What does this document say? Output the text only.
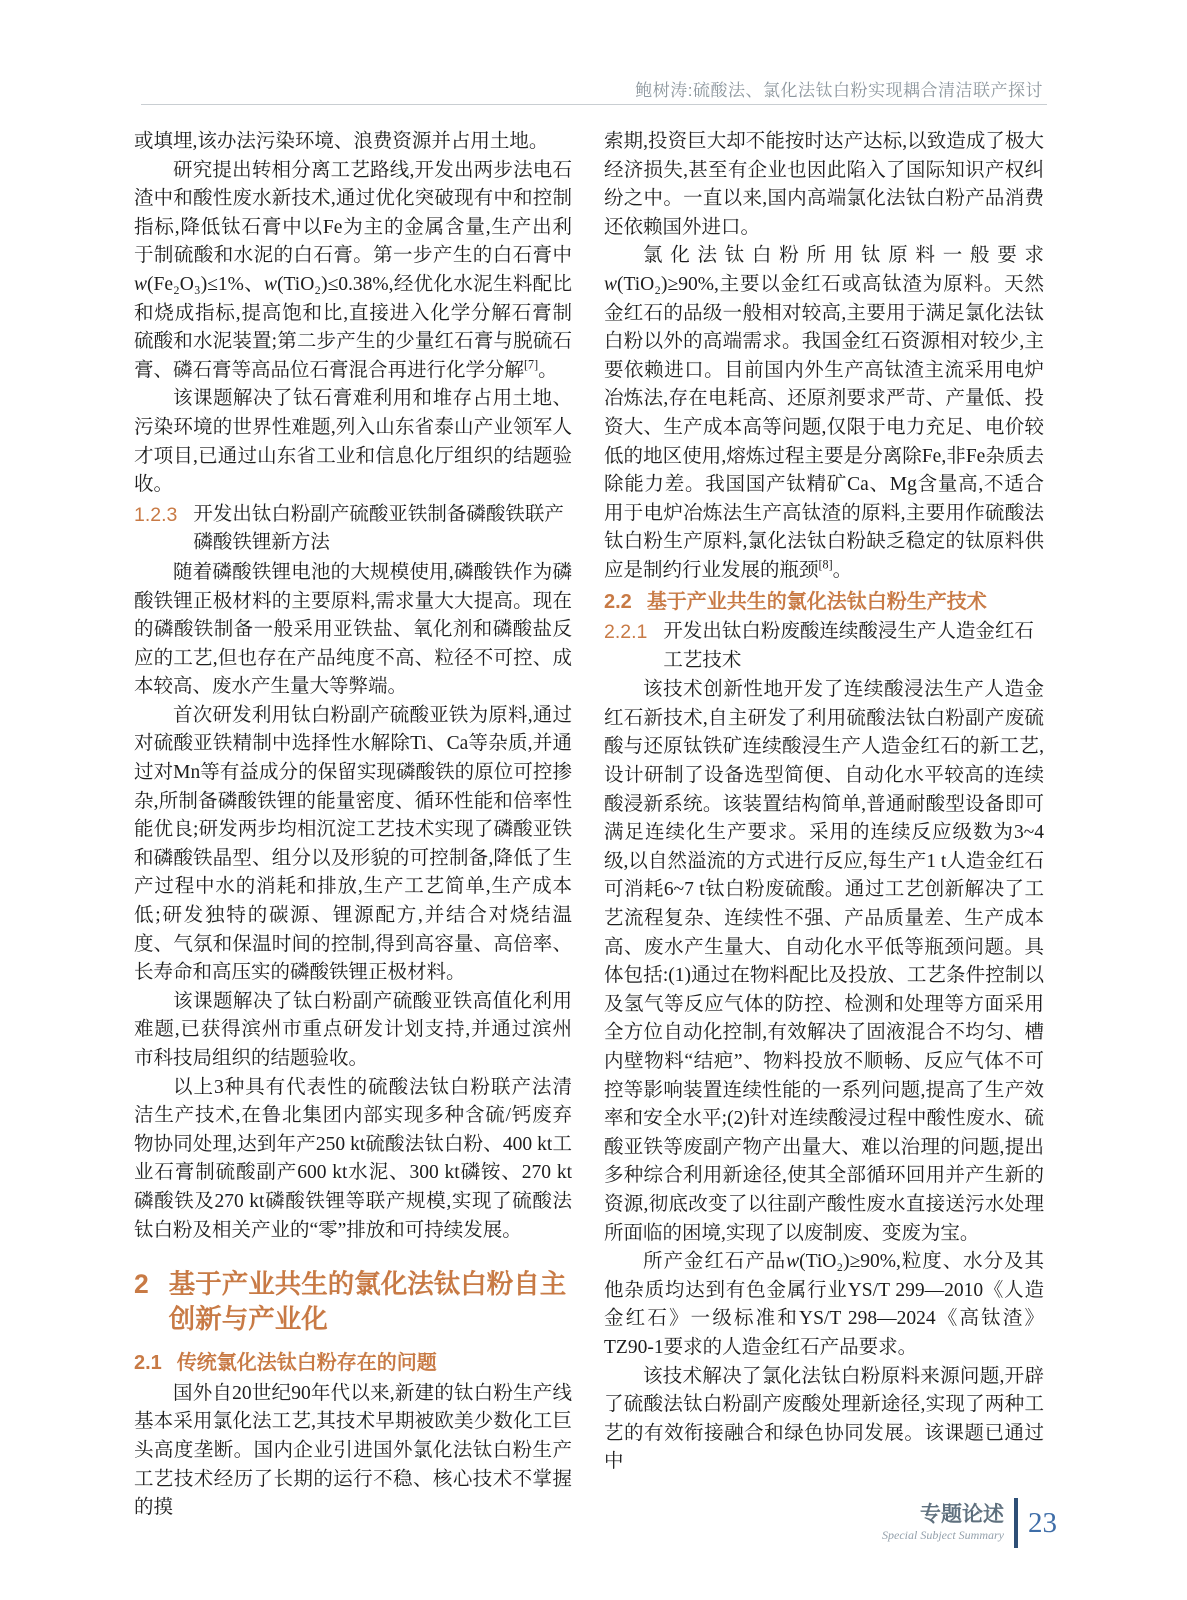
鲍树涛:硫酸法、氯化法钛白粉实现耦合清洁联产探讨

或填埋,该办法污染环境、浪费资源并占用土地。

研究提出转相分离工艺路线,开发出两步法电石渣中和酸性废水新技术,通过优化突破现有中和控制指标,降低钛石膏中以Fe为主的金属含量,生产出利于制硫酸和水泥的白石膏。第一步产生的白石膏中w(Fe₂O₃)≤1%、w(TiO₂)≤0.38%,经优化水泥生料配比和烧成指标,提高饱和比,直接进入化学分解石膏制硫酸和水泥装置;第二步产生的少量红石膏与脱硫石膏、磷石膏等高品位石膏混合再进行化学分解[7]。

该课题解决了钛石膏难利用和堆存占用土地、污染环境的世界性难题,列入山东省泰山产业领军人才项目,已通过山东省工业和信息化厅组织的结题验收。

1.2.3 开发出钛白粉副产硫酸亚铁制备磷酸铁联产磷酸铁锂新方法

随着磷酸铁锂电池的大规模使用,磷酸铁作为磷酸铁锂正极材料的主要原料,需求量大大提高。现在的磷酸铁制备一般采用亚铁盐、氧化剂和磷酸盐反应的工艺,但也存在产品纯度不高、粒径不可控、成本较高、废水产生量大等弊端。

首次研发利用钛白粉副产硫酸亚铁为原料,通过对硫酸亚铁精制中选择性水解除Ti、Ca等杂质,并通过对Mn等有益成分的保留实现磷酸铁的原位可控掺杂,所制备磷酸铁锂的能量密度、循环性能和倍率性能优良;研发两步均相沉淀工艺技术实现了磷酸亚铁和磷酸铁晶型、组分以及形貌的可控制备,降低了生产过程中水的消耗和排放,生产工艺简单,生产成本低;研发独特的碳源、锂源配方,并结合对烧结温度、气氛和保温时间的控制,得到高容量、高倍率、长寿命和高压实的磷酸铁锂正极材料。

该课题解决了钛白粉副产硫酸亚铁高值化利用难题,已获得滨州市重点研发计划支持,并通过滨州市科技局组织的结题验收。

以上3种具有代表性的硫酸法钛白粉联产法清洁生产技术,在鲁北集团内部实现多种含硫/钙废弃物协同处理,达到年产250 kt硫酸法钛白粉、400 kt工业石膏制硫酸副产600 kt水泥、300 kt磷铵、270 kt磷酸铁及270 kt磷酸铁锂等联产规模,实现了硫酸法钛白粉及相关产业的“零”排放和可持续发展。

2 基于产业共生的氯化法钛白粉自主创新与产业化
2.1 传统氯化法钛白粉存在的问题

国外自20世纪90年代以来,新建的钛白粉生产线基本采用氯化法工艺,其技术早期被欧美少数化工巨头高度垄断。国内企业引进国外氯化法钛白粉生产工艺技术经历了长期的运行不稳、核心技术不掌握的摸

索期,投资巨大却不能按时达产达标,以致造成了极大经济损失,甚至有企业也因此陷入了国际知识产权纠纷之中。一直以来,国内高端氯化法钛白粉产品消费还依赖国外进口。

氯化法钛白粉所用钛原料一般要求w(TiO₂)≥90%,主要以金红石或高钛渣为原料。天然金红石的品级一般相对较高,主要用于满足氯化法钛白粉以外的高端需求。我国金红石资源相对较少,主要依赖进口。目前国内外生产高钛渣主流采用电炉冶炼法,存在电耗高、还原剂要求严苛、产量低、投资大、生产成本高等问题,仅限于电力充足、电价较低的地区使用,熔炼过程主要是分离除Fe,非Fe杂质去除能力差。我国国产钛精矿Ca、Mg含量高,不适合用于电炉冶炼法生产高钛渣的原料,主要用作硫酸法钛白粉生产原料,氯化法钛白粉缺乏稳定的钛原料供应是制约行业发展的瓶颈[8]。

2.2 基于产业共生的氯化法钛白粉生产技术
2.2.1 开发出钛白粉废酸连续酸浸生产人造金红石工艺技术

该技术创新性地开发了连续酸浸法生产人造金红石新技术,自主研发了利用硫酸法钛白粉副产废硫酸与还原钛铁矿连续酸浸生产人造金红石的新工艺,设计研制了设备选型简便、自动化水平较高的连续酸浸新系统。该装置结构简单,普通耐酸型设备即可满足连续化生产要求。采用的连续反应级数为3~4级,以自然溢流的方式进行反应,每生产1 t人造金红石可消耗6~7 t钛白粉废硫酸。通过工艺创新解决了工艺流程复杂、连续性不强、产品质量差、生产成本高、废水产生量大、自动化水平低等瓶颈问题。具体包括:(1)通过在物料配比及投放、工艺条件控制以及氢气等反应气体的防控、检测和处理等方面采用全方位自动化控制,有效解决了固液混合不均匀、槽内壁物料“结疤”、物料投放不顺畅、反应气体不可控等影响装置连续性能的一系列问题,提高了生产效率和安全水平;(2)针对连续酸浸过程中酸性废水、硫酸亚铁等废副产物产出量大、难以治理的问题,提出多种综合利用新途径,使其全部循环回用并产生新的资源,彻底改变了以往副产酸性废水直接送污水处理所面临的困境,实现了以废制废、变废为宝。

所产金红石产品w(TiO₂)≥90%,粒度、水分及其他杂质均达到有色金属行业YS/T 299—2010《人造金红石》一级标准和YS/T 298—2024《高钛渣》TZ90-1要求的人造金红石产品要求。

该技术解决了氯化法钛白粉原料来源问题,开辟了硫酸法钛白粉副产废酸处理新途径,实现了两种工艺的有效衔接融合和绿色协同发展。该课题已通过中

专题论述
Special Subject Summary 23
